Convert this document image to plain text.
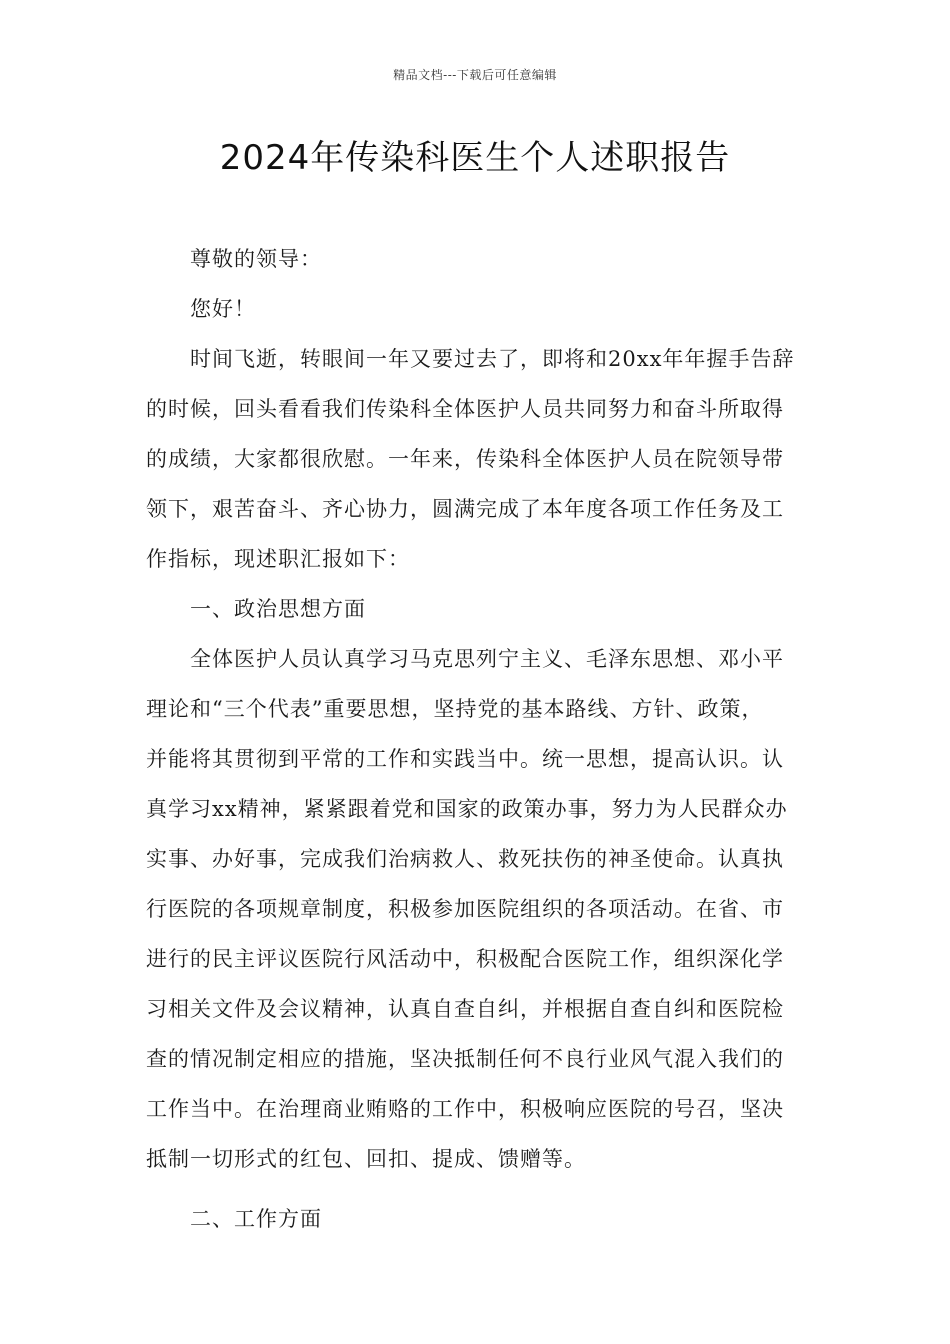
精品文档---下载后可任意编辑
2024年传染科医生个人述职报告
尊敬的领导：
您好！
时间飞逝，转眼间一年又要过去了，即将和20xx年年握手告辞
的时候，回头看看我们传染科全体医护人员共同努力和奋斗所取得
的成绩，大家都很欣慰。一年来，传染科全体医护人员在院领导带
领下，艰苦奋斗、齐心协力，圆满完成了本年度各项工作任务及工
作指标，现述职汇报如下：
一、政治思想方面
全体医护人员认真学习马克思列宁主义、毛泽东思想、邓小平
理论和“三个代表”重要思想，坚持党的基本路线、方针、政策，
并能将其贯彻到平常的工作和实践当中。统一思想，提高认识。认
真学习xx精神，紧紧跟着党和国家的政策办事，努力为人民群众办
实事、办好事，完成我们治病救人、救死扶伤的神圣使命。认真执
行医院的各项规章制度，积极参加医院组织的各项活动。在省、市
进行的民主评议医院行风活动中，积极配合医院工作，组织深化学
习相关文件及会议精神，认真自查自纠，并根据自查自纠和医院检
查的情况制定相应的措施，坚决抵制任何不良行业风气混入我们的
工作当中。在治理商业贿赂的工作中，积极响应医院的号召，坚决
抵制一切形式的红包、回扣、提成、馈赠等。
二、工作方面
